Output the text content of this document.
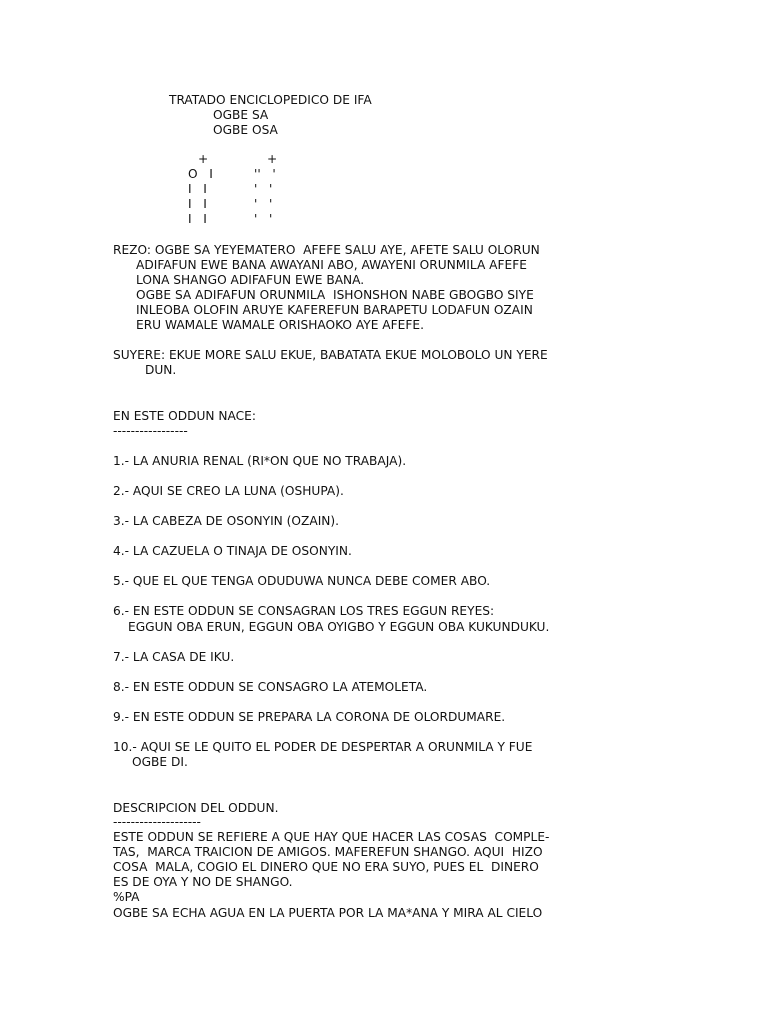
TRATADO ENCICLOPEDICO DE IFA
OGBE SA
OGBE OSA
+	+
O   I
I   I
I   I
I   I
''   '
'   '
'   '
'   '
REZO: OGBE SA YEYEMATERO  AFEFE SALU AYE, AFETE SALU OLORUN
ADIFAFUN EWE BANA AWAYANI ABO, AWAYENI ORUNMILA AFEFE
LONA SHANGO ADIFAFUN EWE BANA.
OGBE SA ADIFAFUN ORUNMILA  ISHONSHON NABE GBOGBO SIYE
INLEOBA OLOFIN ARUYE KAFEREFUN BARAPETU LODAFUN OZAIN
ERU WAMALE WAMALE ORISHAOKO AYE AFEFE.
SUYERE: EKUE MORE SALU EKUE, BABATATA EKUE MOLOBOLO UN YERE
DUN.
EN ESTE ODDUN NACE:
-----------------
1.- LA ANURIA RENAL (RI*ON QUE NO TRABAJA).
2.- AQUI SE CREO LA LUNA (OSHUPA).
3.- LA CABEZA DE OSONYIN (OZAIN).
4.- LA CAZUELA O TINAJA DE OSONYIN.
5.- QUE EL QUE TENGA ODUDUWA NUNCA DEBE COMER ABO.
6.- EN ESTE ODDUN SE CONSAGRAN LOS TRES EGGUN REYES:
EGGUN OBA ERUN, EGGUN OBA OYIGBO Y EGGUN OBA KUKUNDUKU.
7.- LA CASA DE IKU.
8.- EN ESTE ODDUN SE CONSAGRO LA ATEMOLETA.
9.- EN ESTE ODDUN SE PREPARA LA CORONA DE OLORDUMARE.
10.- AQUI SE LE QUITO EL PODER DE DESPERTAR A ORUNMILA Y FUE
OGBE DI.
DESCRIPCION DEL ODDUN.
--------------------
ESTE ODDUN SE REFIERE A QUE HAY QUE HACER LAS COSAS  COMPLE-
TAS,  MARCA TRAICION DE AMIGOS. MAFEREFUN SHANGO. AQUI  HIZO
COSA  MALA, COGIO EL DINERO QUE NO ERA SUYO, PUES EL  DINERO
ES DE OYA Y NO DE SHANGO.
%PA
OGBE SA ECHA AGUA EN LA PUERTA POR LA MA*ANA Y MIRA AL CIELO
